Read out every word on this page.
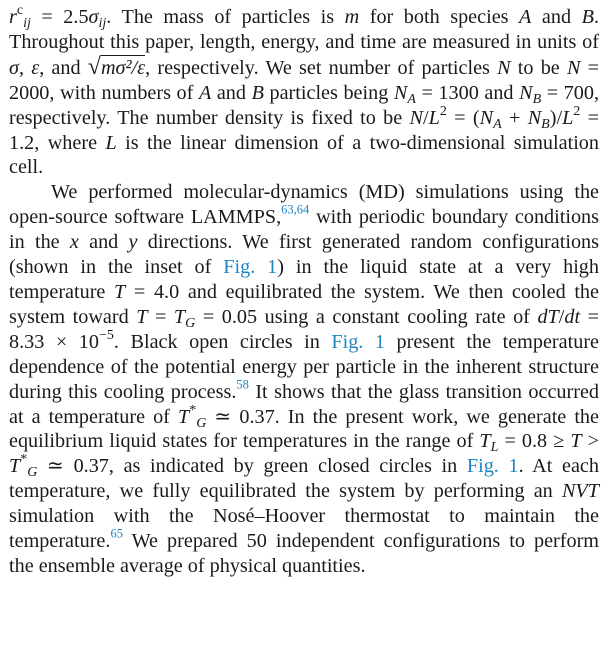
$r^c_{ij} = 2.5\sigma_{ij}$. The mass of particles is m for both species A and B. Throughout this paper, length, energy, and time are measured in units of σ, ε, and √mσ²/ε, respectively. We set number of particles N to be N = 2000, with numbers of A and B particles being $N_A = 1300$ and $N_B = 700$, respectively. The number density is fixed to be $N/L^2 = (N_A + N_B)/L^2 = 1.2$, where L is the linear dimension of a two-dimensional simulation cell.

We performed molecular-dynamics (MD) simulations using the open-source software LAMMPS,$^{63,64}$ with periodic boundary conditions in the x and y directions. We first generated random configurations (shown in the inset of Fig. 1) in the liquid state at a very high temperature T = 4.0 and equilibrated the system. We then cooled the system toward $T = T_G = 0.05$ using a constant cooling rate of $dT/dt = 8.33 \times 10^{-5}$. Black open circles in Fig. 1 present the temperature dependence of the potential energy per particle in the inherent structure during this cooling process.$^{58}$ It shows that the glass transition occurred at a temperature of $T^*_G$ ≃ 0.37. In the present work, we generate the equilibrium liquid states for temperatures in the range of $T_L = 0.8 \ge T > T^*_G$ ≃ 0.37, as indicated by green closed circles in Fig. 1. At each temperature, we fully equilibrated the system by performing an NVT simulation with the Nosé–Hoover thermostat to maintain the temperature.$^{65}$ We prepared 50 independent configurations to perform the ensemble average of physical quantities.
